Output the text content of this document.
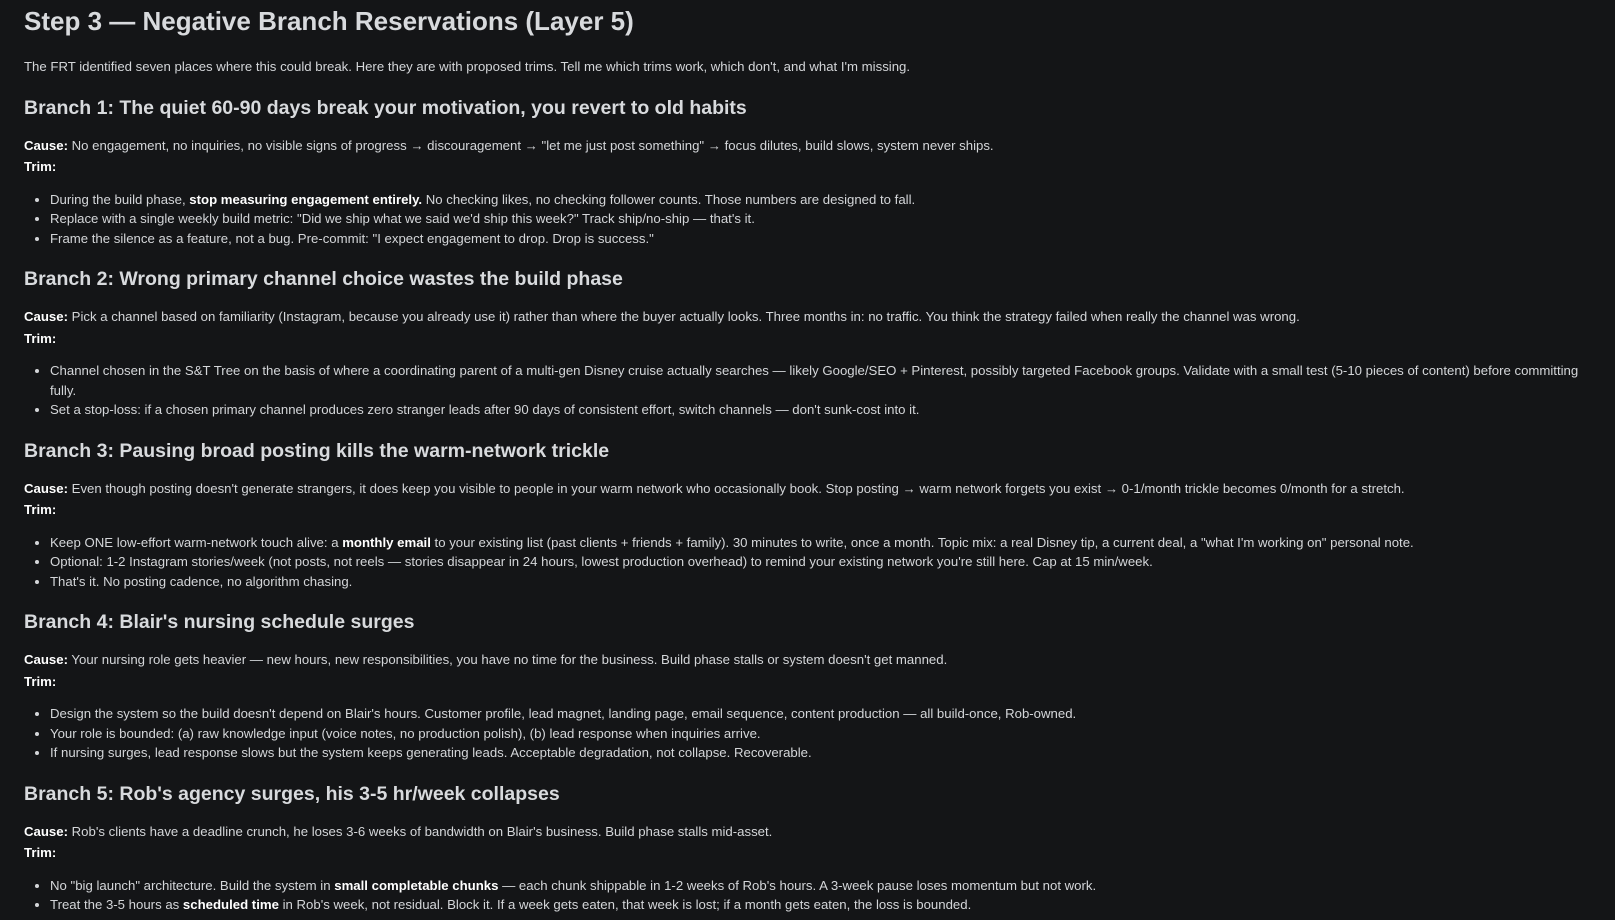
Step 3 — Negative Branch Reservations (Layer 5)

The FRT identified seven places where this could break. Here they are with proposed trims. Tell me which trims work, which don't, and what I'm missing.

Branch 1: The quiet 60-90 days break your motivation, you revert to old habits

Cause: No engagement, no inquiries, no visible signs of progress → discouragement → "let me just post something" → focus dilutes, build slows, system never ships.

Trim:

• During the build phase, stop measuring engagement entirely. No checking likes, no checking follower counts. Those numbers are designed to fall.
• Replace with a single weekly build metric: "Did we ship what we said we'd ship this week?" Track ship/no-ship — that's it.
• Frame the silence as a feature, not a bug. Pre-commit: "I expect engagement to drop. Drop is success."
Branch 2: Wrong primary channel choice wastes the build phase

Cause: Pick a channel based on familiarity (Instagram, because you already use it) rather than where the buyer actually looks. Three months in: no traffic. You think the strategy failed when really the channel was wrong.

Trim:

• Channel chosen in the S&T Tree on the basis of where a coordinating parent of a multi-gen Disney cruise actually searches — likely Google/SEO + Pinterest, possibly targeted Facebook groups. Validate with a small test (5-10 pieces of content) before committing fully.
• Set a stop-loss: if a chosen primary channel produces zero stranger leads after 90 days of consistent effort, switch channels — don't sunk-cost into it.
Branch 3: Pausing broad posting kills the warm-network trickle

Cause: Even though posting doesn't generate strangers, it does keep you visible to people in your warm network who occasionally book. Stop posting → warm network forgets you exist → 0-1/month trickle becomes 0/month for a stretch.

Trim:

• Keep ONE low-effort warm-network touch alive: a monthly email to your existing list (past clients + friends + family). 30 minutes to write, once a month. Topic mix: a real Disney tip, a current deal, a "what I'm working on" personal note.
• Optional: 1-2 Instagram stories/week (not posts, not reels — stories disappear in 24 hours, lowest production overhead) to remind your existing network you're still here. Cap at 15 min/week.
• That's it. No posting cadence, no algorithm chasing.
Branch 4: Blair's nursing schedule surges

Cause: Your nursing role gets heavier — new hours, new responsibilities, you have no time for the business. Build phase stalls or system doesn't get manned.

Trim:

• Design the system so the build doesn't depend on Blair's hours. Customer profile, lead magnet, landing page, email sequence, content production — all build-once, Rob-owned.
• Your role is bounded: (a) raw knowledge input (voice notes, no production polish), (b) lead response when inquiries arrive.
• If nursing surges, lead response slows but the system keeps generating leads. Acceptable degradation, not collapse. Recoverable.
Branch 5: Rob's agency surges, his 3-5 hr/week collapses

Cause: Rob's clients have a deadline crunch, he loses 3-6 weeks of bandwidth on Blair's business. Build phase stalls mid-asset.

Trim:

• No "big launch" architecture. Build the system in small completable chunks — each chunk shippable in 1-2 weeks of Rob's hours. A 3-week pause loses momentum but not work.
• Treat the 3-5 hours as scheduled time in Rob's week, not residual. Block it. If a week gets eaten, that week is lost; if a month gets eaten, the loss is bounded.
